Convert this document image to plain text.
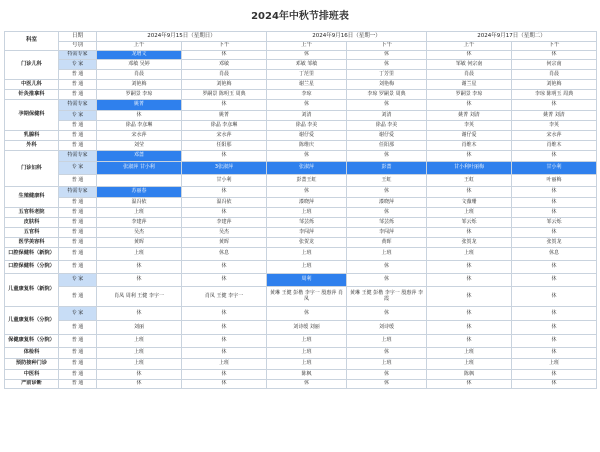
2024年中秋节排班表
科室	日期	2024年9月15日（星期日）		2024年9月16日（星期一）		2024年9月17日（星期二）	
	号别	上午	下午	上午	下午	上午	下午
门诊儿科	特需专家	龙增文	休	休	休	休	休
	专 家	邓敏 吴婷	邓敏	邓敏 邹敏	休	邹敏 何宗南	何宗南
	普 通	肖晨	肖晨	丁范里	丁芳里	肖晨	肖晨
中医儿科	普 通	刘艳梅	刘艳梅	谢兰星	刘艳梅	谢兰星	刘艳梅
针灸推拿科	普 通	罗嗣景 李琼	罗嗣景 陈明玉 周典	李琼	李琼 罗嗣景 周典	罗嗣景 李琼	李琼 陈明玉 周典
孕期保健科	特需专家	姚菁	休	休	休	休	休
	专 家	休	姚菁	刘清	刘清	姚菁 刘清	姚菁 刘清
	普 通	徐晶 李彦琳	徐晶 李彦琳	徐晶 李美	徐晶 李美	李英	李英
乳腺科	普 通	宋水萍	宋水萍	谢仔爱	谢仔爱	谢仔爱	宋水萍
外科	普 通	刘莹	任阳那	陈维庆	任阳那	肖维木	肖维木
门诊妇科	特需专家	邓蔷	休	休	休	休	休
	专 家	张淑萍 甘小利	3张淑萍	张淑萍	彭蔷	甘小利叶丽梅	甘小利
	普 通		甘小利	彭蔷王虹	王虹	王虹	叶丽梅
生殖健康科	特需专家	苏丽春	休	休	休	休	休
	普 通	温冯依	温冯依	漆晓萍	漆晓萍	文薇珊	休
五官科老院	普 通	上班	休	上班	休	上班	休
皮肤科	普 通	李建萍	李建萍	邹芸烁	邹芸烁	邹云烁	邹云烁
五官科	普 通	吴杰	吴杰	李闯萍	李闯萍	休	休
医学美容科	普 通	黄晖	黄晖	张贺龙	黄晖	张贺龙	张贺龙
口腔保健科（新院）	普 通	上班	休息	上班	上班	上班	休息
口腔保健科（分院）	普 通	休	休	上班	休	休	休
儿童康复科（新院）	专 家	休	休	周利	休	休	休
	普 通	肖凤 周利 王健 李宇一	肖凤 王健 李宇一	黄琳 王健 彭楷 李宇一 殷惠萍 肖凤	黄琳 王健 彭楷 李宇一 殷惠萍 李霞	休	休
儿童康复科（分院）	专 家	休	休	休	休	休	休
	普 通	刘丽	休	刘诗缓 刘丽	刘诗缓	休	休
保健康复科（分院）	普 通	上班	休	上班	上班	休	休
体检科	普 通	上班	休	上班	休	上班	休
预防接种门诊	普 通	上班	上班	上班	上班	上班	上班
中医科	普 通	休	休	陈枫	休	陈枫	休
产前诊断	普 通	休	休	休	休	休	休
